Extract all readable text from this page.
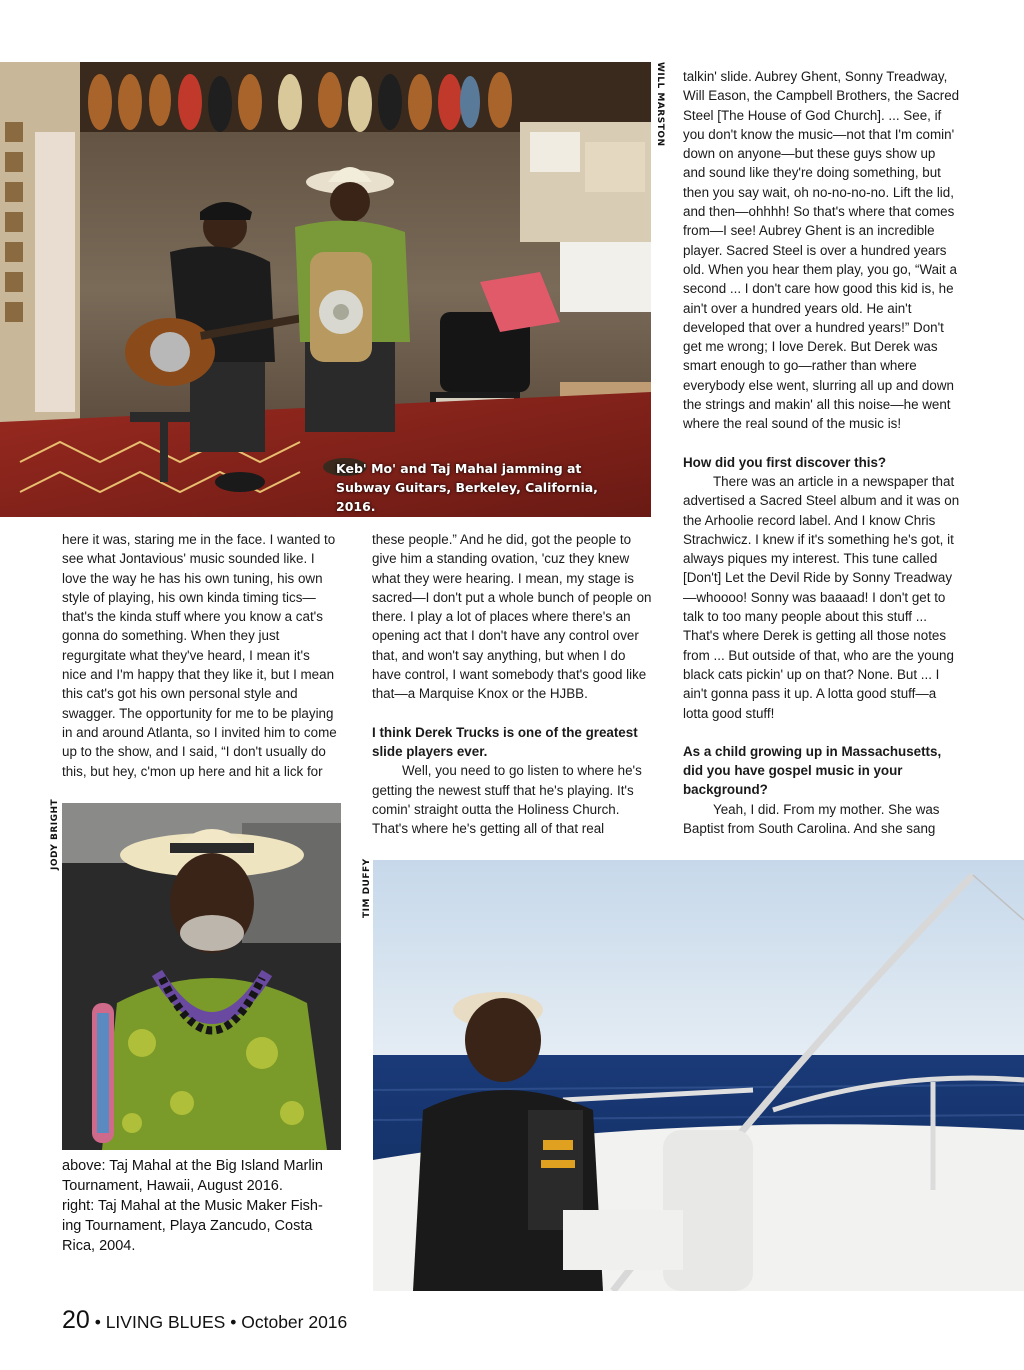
Keb' Mo' and Taj Mahal jamming at
Subway Guitars, Berkeley, California, 2016.
WILL MARSTON talkin' slide. Aubrey Ghent, Sonny Treadway, Will Eason, the Campbell Brothers, the Sacred Steel [The House of God Church]. ... See, if you don't know the music—not that I'm comin' down on anyone—but these guys show up and sound like they're doing something, but then you say wait, oh no-no-no-no. Lift the lid, and then—ohhhh! So that's where that comes from—I see! Aubrey Ghent is an incredible player. Sacred Steel is over a hundred years old. When you hear them play, you go, “Wait a second ... I don't care how good this kid is, he ain't over a hundred years old. He ain't developed that over a hundred years!” Don't get me wrong; I love Derek. But Derek was smart enough to go—rather than where everybody else went, slurring all up and down the strings and makin' all this noise—he went where the real sound of the music is!

How did you first discover this?

There was an article in a newspaper that advertised a Sacred Steel album and it was on the Arhoolie record label. And I know Chris Strachwicz. I knew if it's something he's got, it always piques my interest. This tune called [Don't] Let the Devil Ride by Sonny Treadway—whoooo! Sonny was baaaad! I don't get to talk to too many people about this stuff ... That's where Derek is getting all those notes from ... But outside of that, who are the young black cats pickin' up on that? None. But ... I ain't gonna pass it up. A lotta good stuff—a lotta good stuff!

As a child growing up in Massachusetts, did you have gospel music in your background?

Yeah, I did. From my mother. She was Baptist from South Carolina. And she sang

here it was, staring me in the face. I wanted to see what Jontavious' music sounded like. I love the way he has his own tuning, his own style of playing, his own kinda timing tics—that's the kinda stuff where you know a cat's gonna do something. When they just regurgitate what they've heard, I mean it's nice and I'm happy that they like it, but I mean this cat's got his own personal style and swagger. The opportunity for me to be playing in and around Atlanta, so I invited him to come up to the show, and I said, “I don't usually do this, but hey, c'mon up here and hit a lick for

these people.” And he did, got the people to give him a standing ovation, 'cuz they knew what they were hearing. I mean, my stage is sacred—I don't put a whole bunch of people on there. I play a lot of places where there's an opening act that I don't have any control over that, and won't say anything, but when I do have control, I want somebody that's good like that—a Marquise Knox or the HJBB.

I think Derek Trucks is one of the greatest slide players ever.

Well, you need to go listen to where he's getting the newest stuff that he's playing. It's comin' straight outta the Holiness Church. That's where he's getting all of that real

JODY BRIGHT
TIM DUFFY
above: Taj Mahal at the Big Island Marlin
Tournament, Hawaii, August 2016.
right: Taj Mahal at the Music Maker Fish-
ing Tournament, Playa Zancudo, Costa
Rica, 2004.
20 • LIVING BLUES • October 2016
